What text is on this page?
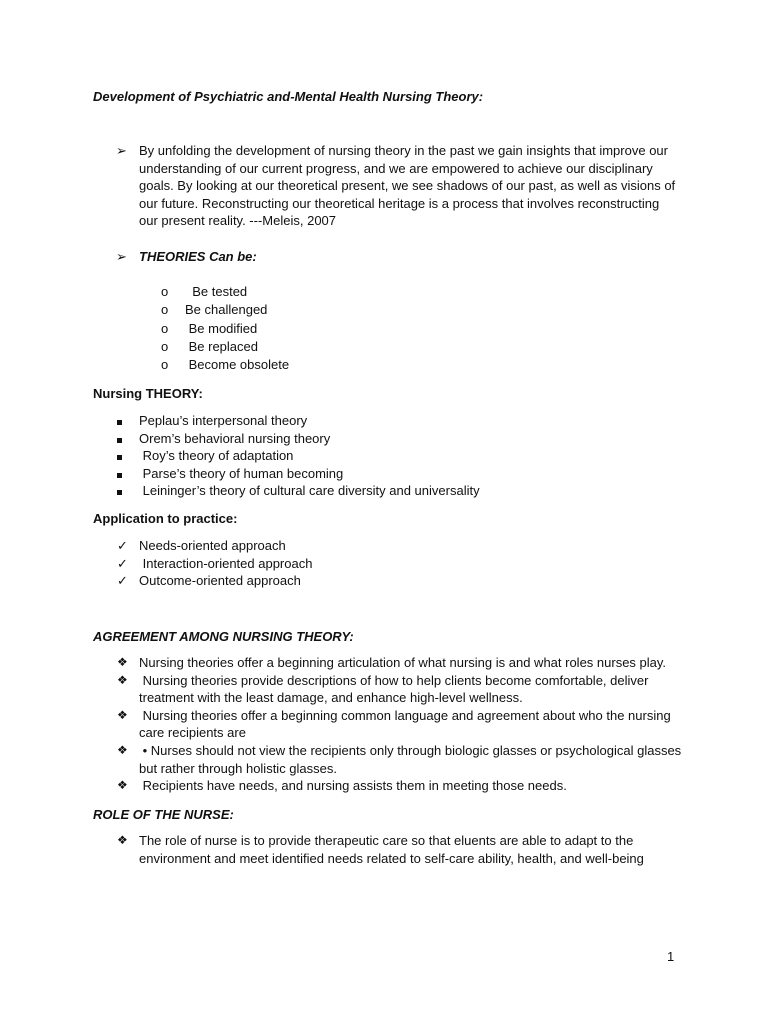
Development of Psychiatric and-Mental Health Nursing Theory:
➢ By unfolding the development of nursing theory in the past we gain insights that improve our understanding of our current progress, and we are empowered to achieve our disciplinary goals. By looking at our theoretical present, we see shadows of our past, as well as visions of our future. Reconstructing our theoretical heritage is a process that involves reconstructing our present reality. ---Meleis, 2007
➢ THEORIES Can be:
o  Be tested
o Be challenged
o Be modified
o Be replaced
o Become obsolete
Nursing THEORY:
Peplau’s interpersonal theory
Orem’s behavioral nursing theory
Roy’s theory of adaptation
Parse’s theory of human becoming
Leininger’s theory of cultural care diversity and universality
Application to practice:
✓ Needs-oriented approach
✓ Interaction-oriented approach
✓ Outcome-oriented approach
AGREEMENT AMONG NURSING THEORY:
❖ Nursing theories offer a beginning articulation of what nursing is and what roles nurses play.
❖ Nursing theories provide descriptions of how to help clients become comfortable, deliver treatment with the least damage, and enhance high-level wellness.
❖ Nursing theories offer a beginning common language and agreement about who the nursing care recipients are
❖ • Nurses should not view the recipients only through biologic glasses or psychological glasses but rather through holistic glasses.
❖ Recipients have needs, and nursing assists them in meeting those needs.
ROLE OF THE NURSE:
❖ The role of nurse is to provide therapeutic care so that eluents are able to adapt to the environment and meet identified needs related to self-care ability, health, and well-being
1
